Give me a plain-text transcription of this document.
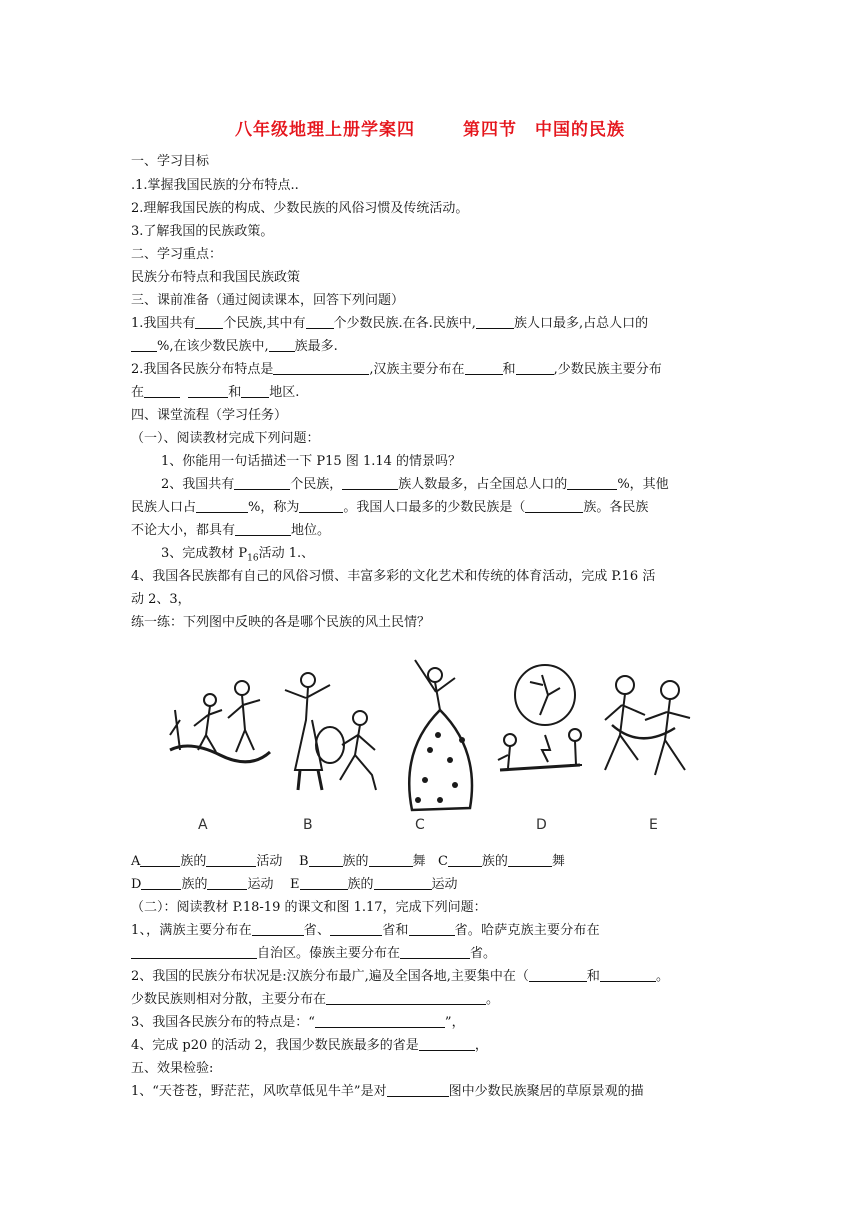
八年级地理上册学案四	第四节　中国的民族
一、学习目标
.1.掌握我国民族的分布特点..
2.理解我国民族的构成、少数民族的风俗习惯及传统活动。
3.了解我国的民族政策。
二、学习重点：
民族分布特点和我国民族政策
三、课前准备（通过阅读课本，回答下列问题）
1.我国共有 个民族,其中有 个少数民族.在各.民族中,	族人口最多,占总人口的
%,在该少数民族中, 族最多.
2.我国各民族分布特点是	,汉族主要分布在	和	,少数民族主要分布
在	和 地区.
四、课堂流程（学习任务）
（一）、阅读教材完成下列问题：
1、你能用一句话描述一下 P15 图 1.14 的情景吗？
2、我国共有	个民族，	族人数最多，占全国总人口的	%，其他
民族人口占	%，称为	。我国人口最多的少数民族是（	族。各民族
不论大小，都具有	地位。
3、完成教材 $P_{16}$活动 1.、
4、我国各民族都有自己的风俗习惯、丰富多彩的文化艺术和传统的体育活动，完成 P.16 活
动 2、3，
练一练：下列图中反映的各是哪个民族的风土民情？
A	B	C	D	E
A	族的	活动 B	族的	舞 C	族的	舞
D	族的	运动 E	族的	运动
（二）：阅读教材 P.18-19 的课文和图 1.17，完成下列问题：
1、，满族主要分布在	省、	省和	省。哈萨克族主要分布在
自治区。傣族主要分布在	省。
2、我国的民族分布状况是:汉族分布最广,遍及全国各地,主要集中在（	和	。
少数民族则相对分散，主要分布在	。
3、我国各民族分布的特点是：“	”，
4、完成 p20 的活动 2，我国少数民族最多的省是	，
五、效果检验:
1、“天苍苍，野茫茫，风吹草低见牛羊”是对	图中少数民族聚居的草原景观的描
